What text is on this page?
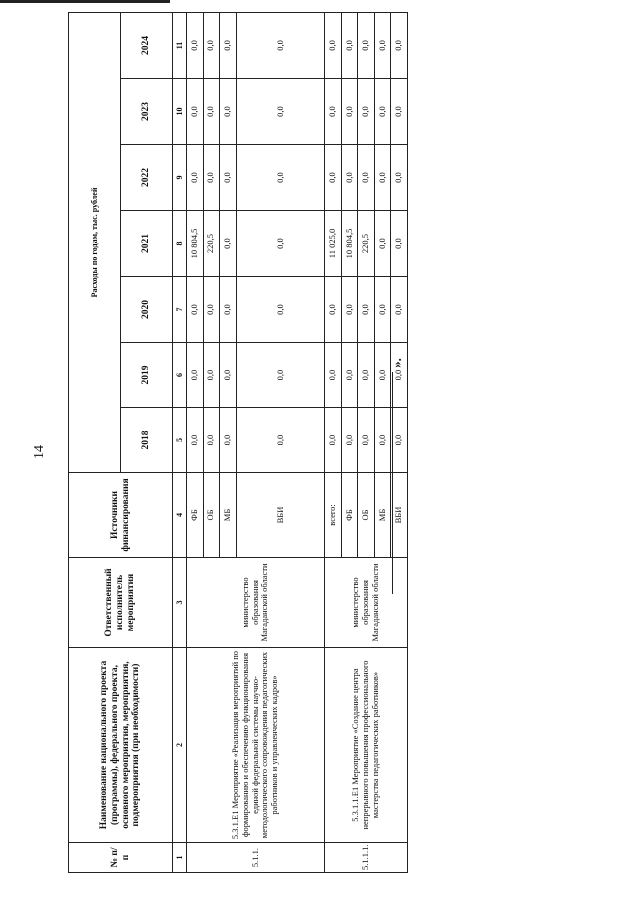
14
».
№ п/п	Наименование национального проекта (программы), федерального проекта, основного мероприятия, мероприятия, подмероприятия (при необходимости)	Ответственный исполнитель мероприятия	Источники финансирования	Расходы по годам, тыс. рублей						
				2018	2019	2020	2021	2022	2023	2024
1	2	3	4	5	6	7	8	9	10	11
5.1.1.	5.3.1.Е1 Мероприятие «Реализация мероприятий по формированию и обеспечению функционирования единой федеральной системы научно-методологического сопровождения педагогических работников и управленческих кадров»	министерство образования Магаданской области	ФБ	0,0	0,0	0,0	10 804,5	0,0	0,0	0,0
			ОБ	0,0	0,0	0,0	220,5	0,0	0,0	0,0
			МБ	0,0	0,0	0,0	0,0	0,0	0,0	0,0
			ВБИ	0,0	0,0	0,0	0,0	0,0	0,0	0,0
5.1.1.1.	5.3.1.1.Е1 Мероприятие «Создание центра непрерывного повышения профессионального мастерства педагогических работников»	министерство образования Магаданской области	всего:	0,0	0,0	0,0	11 025,0	0,0	0,0	0,0
			ФБ	0,0	0,0	0,0	10 804,5	0,0	0,0	0,0
			ОБ	0,0	0,0	0,0	220,5	0,0	0,0	0,0
			МБ	0,0	0,0	0,0	0,0	0,0	0,0	0,0
			ВБИ	0,0	0,0	0,0	0,0	0,0	0,0	0,0
